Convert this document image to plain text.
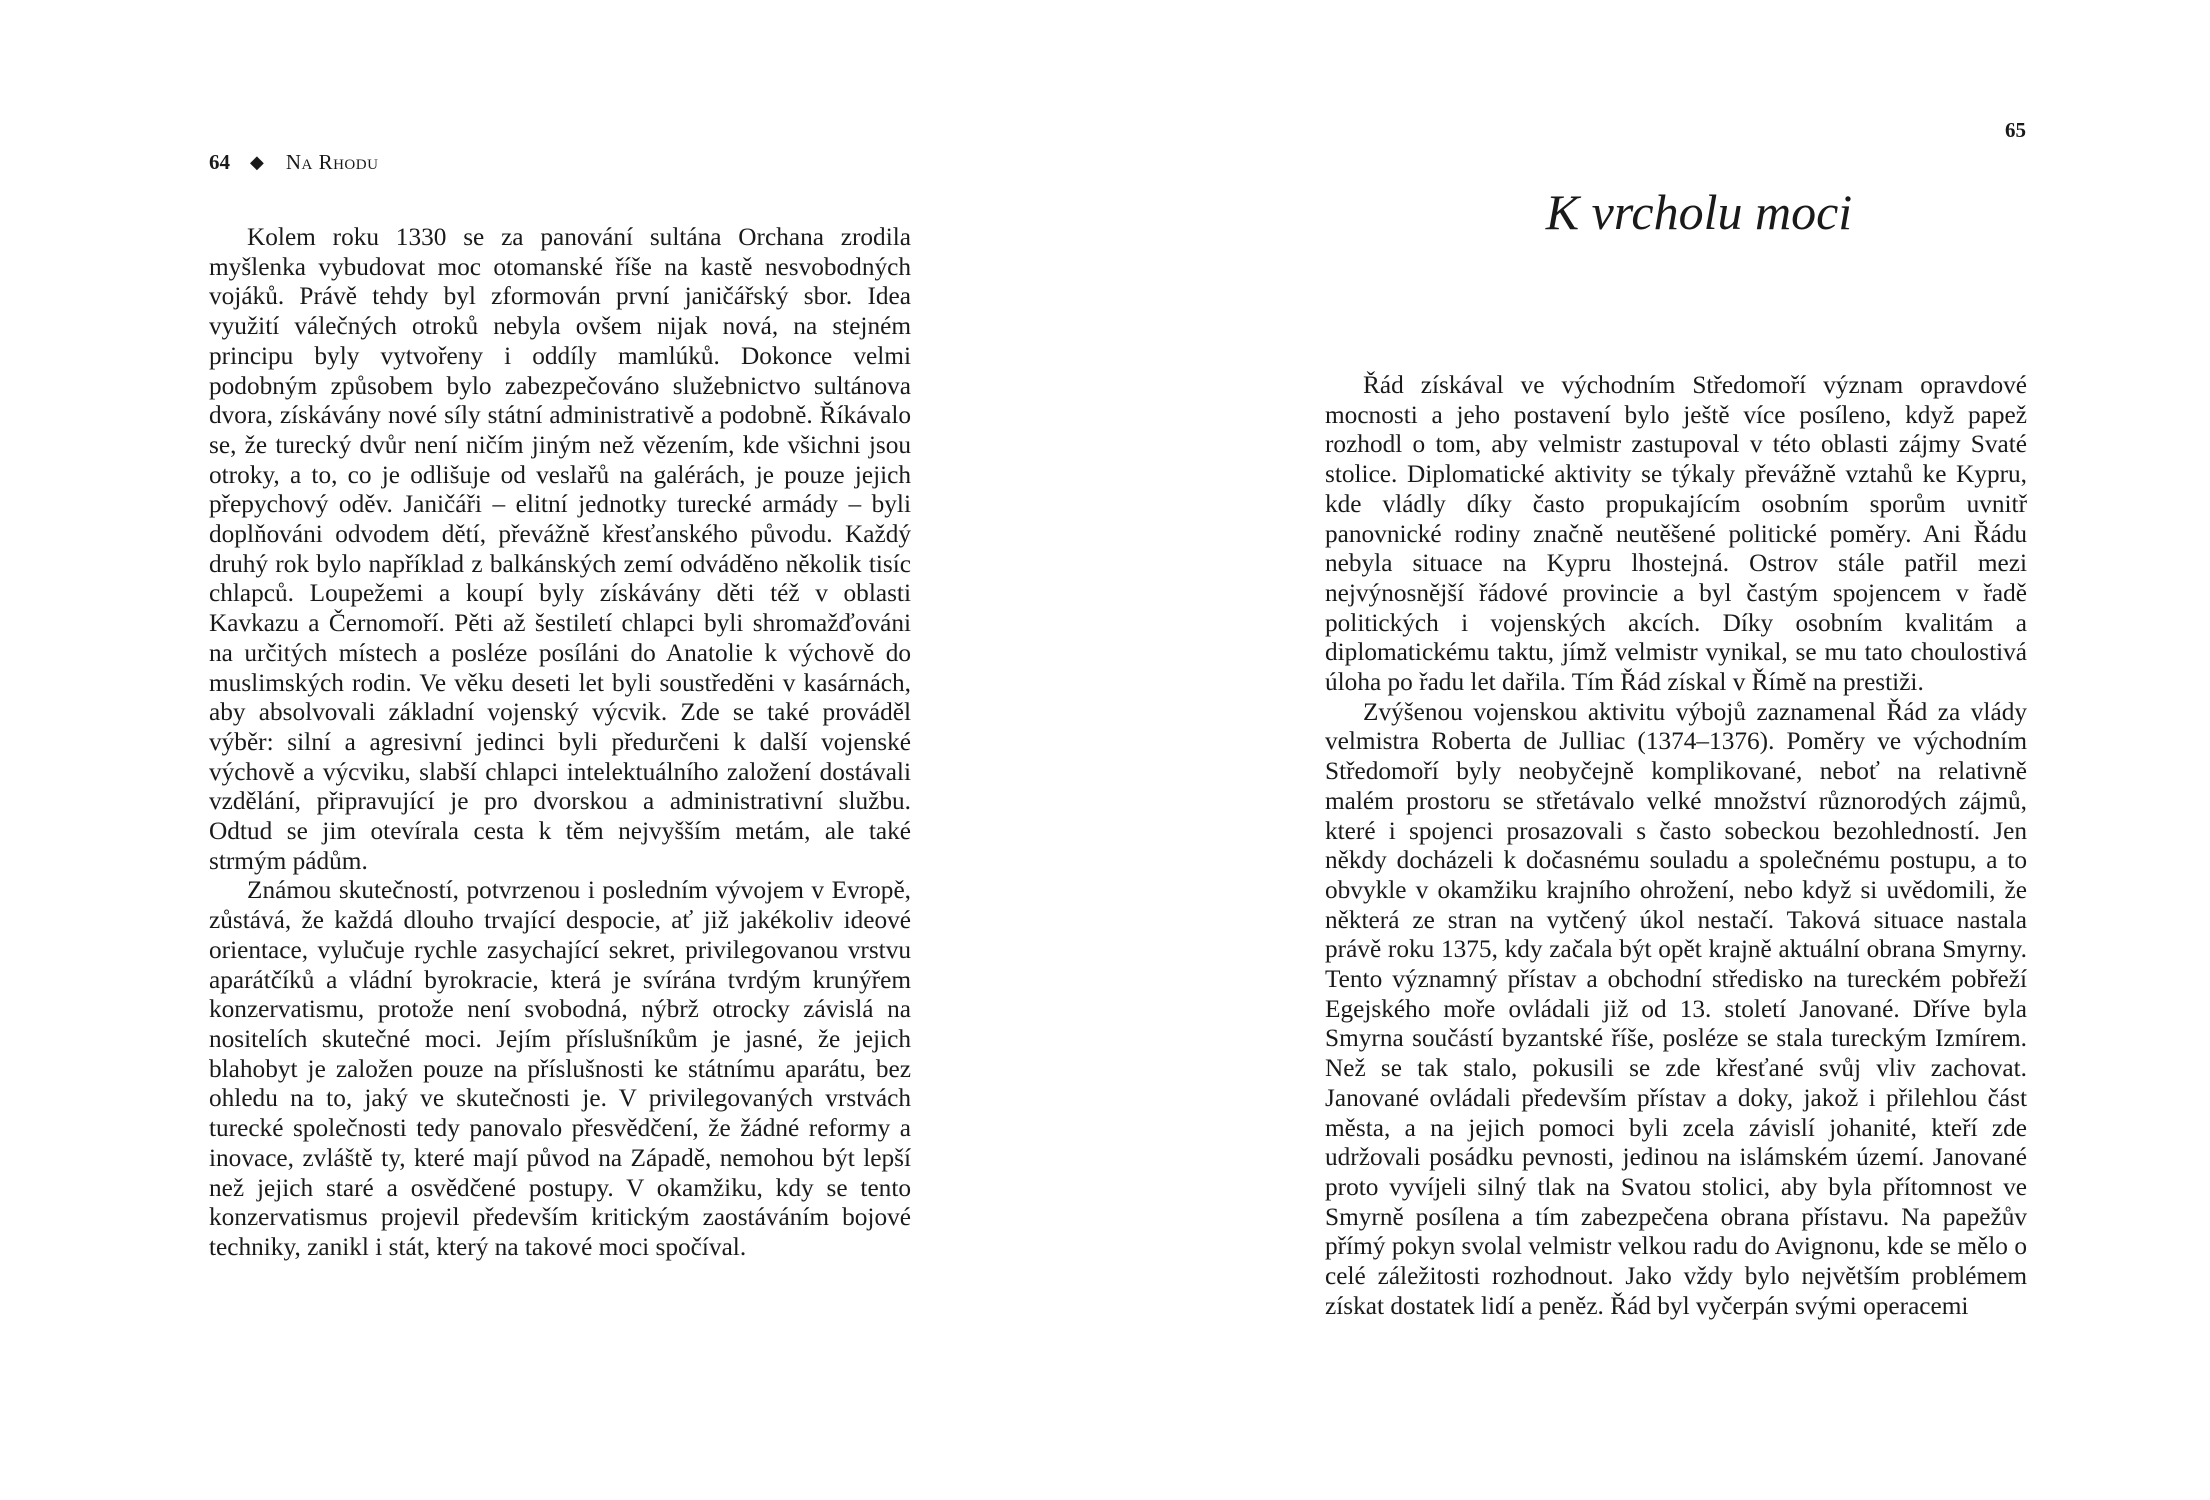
64 ◆ Na Rhodu

Kolem roku 1330 se za panování sultána Orchana zrodila myšlenka vybudovat moc otomanské říše na kastě nesvobodných vojáků. Právě tehdy byl zformován první janičářský sbor. Idea využití válečných otroků nebyla ovšem nijak nová, na stejném principu byly vytvořeny i oddíly mamlúků. Dokonce velmi podobným způsobem bylo zabezpečováno služebnictvo sultánova dvora, získávány nové síly státní administrativě a podobně. Říkávalo se, že turecký dvůr není ničím jiným než vězením, kde všichni jsou otroky, a to, co je odlišuje od veslařů na galérách, je pouze jejich přepychový oděv. Janičáři – elitní jednotky turecké armády – byli doplňováni odvodem dětí, převážně křesťanského původu. Každý druhý rok bylo například z balkánských zemí odváděno několik tisíc chlapců. Loupežemi a koupí byly získávány děti též v oblasti Kavkazu a Černomoří. Pěti až šestiletí chlapci byli shromažďováni na určitých místech a posléze posíláni do Anatolie k výchově do muslimských rodin. Ve věku deseti let byli soustředěni v kasárnách, aby absolvovali základní vojenský výcvik. Zde se také prováděl výběr: silní a agresivní jedinci byli předurčeni k další vojenské výchově a výcviku, slabší chlapci intelektuálního založení dostávali vzdělání, připravující je pro dvorskou a administrativní službu. Odtud se jim otevírala cesta k těm nejvyšším metám, ale také strmým pádům.

Známou skutečností, potvrzenou i posledním vývojem v Evropě, zůstává, že každá dlouho trvající despocie, ať již jakékoliv ideové orientace, vylučuje rychle zasychající sekret, privilegovanou vrstvu aparátčíků a vládní byrokracie, která je svírána tvrdým krunýřem konzervatismu, protože není svobodná, nýbrž otrocky závislá na nositelích skutečné moci. Jejím příslušníkům je jasné, že jejich blahobyt je založen pouze na příslušnosti ke státnímu aparátu, bez ohledu na to, jaký ve skutečnosti je. V privilegovaných vrstvách turecké společnosti tedy panovalo přesvědčení, že žádné reformy a inovace, zvláště ty, které mají původ na Západě, nemohou být lepší než jejich staré a osvědčené postupy. V okamžiku, kdy se tento konzervatismus projevil především kritickým zaostáváním bojové techniky, zanikl i stát, který na takové moci spočíval.

65
K vrcholu moci

Řád získával ve východním Středomoří význam opravdové mocnosti a jeho postavení bylo ještě více posíleno, když papež rozhodl o tom, aby velmistr zastupoval v této oblasti zájmy Svaté stolice. Diplomatické aktivity se týkaly převážně vztahů ke Kypru, kde vládly díky často propukajícím osobním sporům uvnitř panovnické rodiny značně neutěšené politické poměry. Ani Řádu nebyla situace na Kypru lhostejná. Ostrov stále patřil mezi nejvýnosnější řádové provincie a byl častým spojencem v řadě politických i vojenských akcích. Díky osobním kvalitám a diplomatickému taktu, jímž velmistr vynikal, se mu tato choulostivá úloha po řadu let dařila. Tím Řád získal v Římě na prestiži.

Zvýšenou vojenskou aktivitu výbojů zaznamenal Řád za vlády velmistra Roberta de Julliac (1374–1376). Poměry ve východním Středomoří byly neobyčejně komplikované, neboť na relativně malém prostoru se střetávalo velké množství různorodých zájmů, které i spojenci prosazovali s často sobeckou bezohledností. Jen někdy docházeli k dočasnému souladu a společnému postupu, a to obvykle v okamžiku krajního ohrožení, nebo když si uvědomili, že některá ze stran na vytčený úkol nestačí. Taková situace nastala právě roku 1375, kdy začala být opět krajně aktuální obrana Smyrny. Tento významný přístav a obchodní středisko na tureckém pobřeží Egejského moře ovládali již od 13. století Janované. Dříve byla Smyrna součástí byzantské říše, posléze se stala tureckým Izmírem. Než se tak stalo, pokusili se zde křesťané svůj vliv zachovat. Janované ovládali především přístav a doky, jakož i přilehlou část města, a na jejich pomoci byli zcela závislí johanité, kteří zde udržovali posádku pevnosti, jedinou na islámském území. Janované proto vyvíjeli silný tlak na Svatou stolici, aby byla přítomnost ve Smyrně posílena a tím zabezpečena obrana přístavu. Na papežův přímý pokyn svolal velmistr velkou radu do Avignonu, kde se mělo o celé záležitosti rozhodnout. Jako vždy bylo největším problémem získat dostatek lidí a peněz. Řád byl vyčerpán svými operacemi
